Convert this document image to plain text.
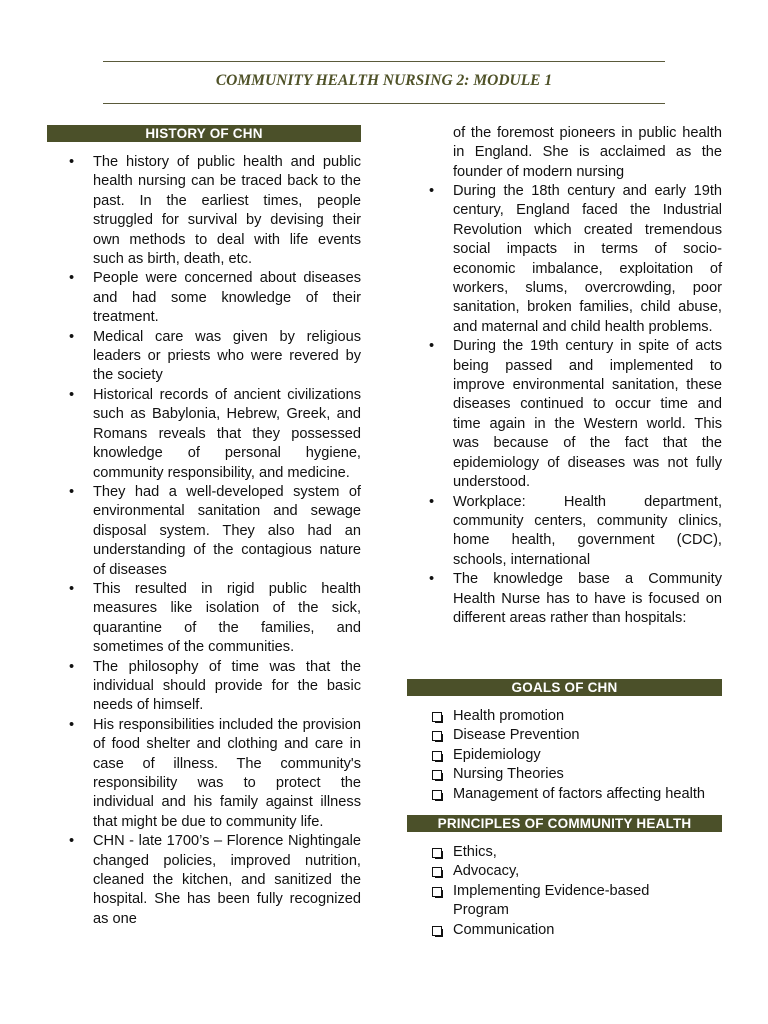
COMMUNITY HEALTH NURSING 2: MODULE 1
HISTORY OF CHN
• The history of public health and public health nursing can be traced back to the past. In the earliest times, people struggled for survival by devising their own methods to deal with life events such as birth, death, etc.
• People were concerned about diseases and had some knowledge of their treatment.
• Medical care was given by religious leaders or priests who were revered by the society
• Historical records of ancient civilizations such as Babylonia, Hebrew, Greek, and Romans reveals that they possessed knowledge of personal hygiene, community responsibility, and medicine.
• They had a well-developed system of environmental sanitation and sewage disposal system. They also had an understanding of the contagious nature of diseases
• This resulted in rigid public health measures like isolation of the sick, quarantine of the families, and sometimes of the communities.
• The philosophy of time was that the individual should provide for the basic needs of himself.
• His responsibilities included the provision of food shelter and clothing and care in case of illness. The community's responsibility was to protect the individual and his family against illness that might be due to community life.
• CHN - late 1700’s – Florence Nightingale changed policies, improved nutrition, cleaned the kitchen, and sanitized the hospital. She has been fully recognized as one

of the foremost pioneers in public health in England. She is acclaimed as the founder of modern nursing

• During the 18th century and early 19th century, England faced the Industrial Revolution which created tremendous social impacts in terms of socio-economic imbalance, exploitation of workers, slums, overcrowding, poor sanitation, broken families, child abuse, and maternal and child health problems.
• During the 19th century in spite of acts being passed and implemented to improve environmental sanitation, these diseases continued to occur time and time again in the Western world. This was because of the fact that the epidemiology of diseases was not fully understood.
• Workplace: Health department, community centers, community clinics, home health, government (CDC), schools, international
• The knowledge base a Community Health Nurse has to have is focused on different areas rather than hospitals:
GOALS OF CHN
Health promotion
Disease Prevention
Epidemiology
Nursing Theories
Management of factors affecting health
PRINCIPLES OF COMMUNITY HEALTH
Ethics,
Advocacy,
Implementing Evidence-based Program
Communication
